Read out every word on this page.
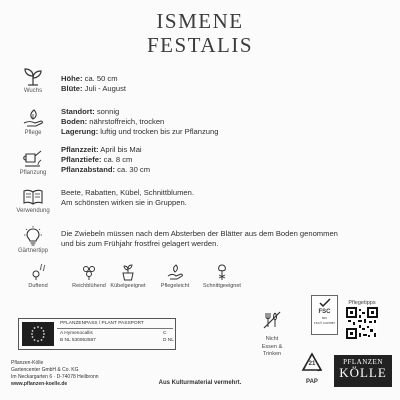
ISMENE
FESTALIS
Wuchs
Höhe: ca. 50 cm
Blüte: Juli - August
Pflege
Standort: sonnig
Boden: nährstoffreich, trocken
Lagerung: luftig und trocken bis zur Pflanzung
Pflanzung
Pflanzzeit: April bis Mai
Pflanztiefe: ca. 8 cm
Pflanzabstand: ca. 30 cm
Verwendung
Beete, Rabatten, Kübel, Schnittblumen.
Am schönsten wirken sie in Gruppen.
Gärtnertipp
Die Zwiebeln müssen nach dem Absterben der Blätter aus dem Boden genommen
und bis zum Frühjahr frostfrei gelagert werden.
Duftend	Reichblühend Kübelgeeignet	Pflegeleicht	Schnittgeeignet
PFLANZENPASS / PLANT PASSPORT
A Hymenocallis
B NL 530953587
C
D NL	Nicht
Essen & Trinken
FSC
MIX
FSC® C007887
Pflegetipps
21
PAP
Pflanzen-Kölle
Gartencenter GmbH & Co. KG
Im Neckargarten 6 · D-74078 Heilbronn
www.pflanzen-koelle.de	Aus Kulturmaterial vermehrt.
PFLANZEN
KÖLLE
